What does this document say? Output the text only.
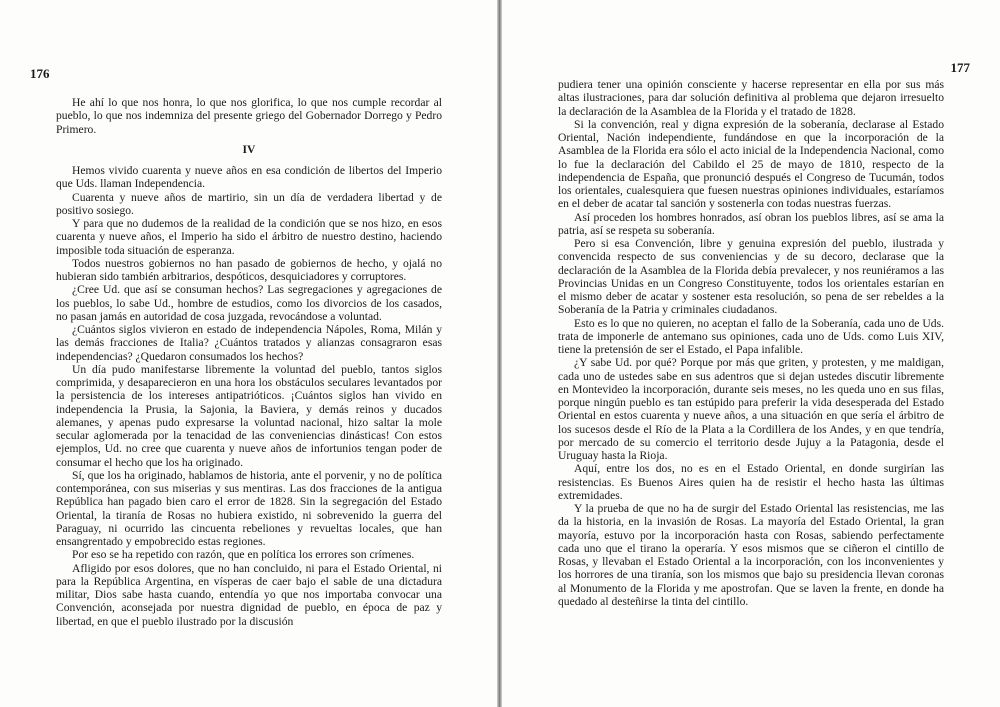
176

He ahí lo que nos honra, lo que nos glorifica, lo que nos cumple recordar al pueblo, lo que nos indemniza del presente griego del Gobernador Dorrego y Pedro Primero.

IV

Hemos vivido cuarenta y nueve años en esa condición de libertos del Imperio que Uds. llaman Independencia.

Cuarenta y nueve años de martirio, sin un día de verdadera libertad y de positivo sosiego.

Y para que no dudemos de la realidad de la condición que se nos hizo, en esos cuarenta y nueve años, el Imperio ha sido el árbitro de nuestro destino, haciendo imposible toda situación de esperanza.

Todos nuestros gobiernos no han pasado de gobiernos de hecho, y ojalá no hubieran sido también arbitrarios, despóticos, desquiciadores y corruptores.

¿Cree Ud. que así se consuman hechos? Las segregaciones y agregaciones de los pueblos, lo sabe Ud., hombre de estudios, como los divorcios de los casados, no pasan jamás en autoridad de cosa juzgada, revocándose a voluntad.

¿Cuántos siglos vivieron en estado de independencia Nápoles, Roma, Milán y las demás fracciones de Italia? ¿Cuántos tratados y alianzas consagraron esas independencias? ¿Quedaron consumados los hechos?

Un día pudo manifestarse libremente la voluntad del pueblo, tantos siglos comprimida, y desaparecieron en una hora los obstáculos seculares levantados por la persistencia de los intereses antipatrióticos. ¡Cuántos siglos han vivido en independencia la Prusia, la Sajonia, la Baviera, y demás reinos y ducados alemanes, y apenas pudo expresarse la voluntad nacional, hizo saltar la mole secular aglomerada por la tenacidad de las conveniencias dinásticas! Con estos ejemplos, Ud. no cree que cuarenta y nueve años de infortunios tengan poder de consumar el hecho que los ha originado.

Sí, que los ha originado, hablamos de historia, ante el porvenir, y no de política contemporánea, con sus miserias y sus mentiras. Las dos fracciones de la antigua República han pagado bien caro el error de 1828. Sin la segregación del Estado Oriental, la tiranía de Rosas no hubiera existido, ni sobrevenido la guerra del Paraguay, ni ocurrido las cincuenta rebeliones y revueltas locales, que han ensangrentado y empobrecido estas regiones.

Por eso se ha repetido con razón, que en política los errores son crímenes.

Afligido por esos dolores, que no han concluido, ni para el Estado Oriental, ni para la República Argentina, en vísperas de caer bajo el sable de una dictadura militar, Dios sabe hasta cuando, entendía yo que nos importaba convocar una Convención, aconsejada por nuestra dignidad de pueblo, en época de paz y libertad, en que el pueblo ilustrado por la discusión

177

pudiera tener una opinión consciente y hacerse representar en ella por sus más altas ilustraciones, para dar solución definitiva al problema que dejaron irresuelto la declaración de la Asamblea de la Florida y el tratado de 1828.

Si la convención, real y digna expresión de la soberanía, declarase al Estado Oriental, Nación independiente, fundándose en que la incorporación de la Asamblea de la Florida era sólo el acto inicial de la Independencia Nacional, como lo fue la declaración del Cabildo el 25 de mayo de 1810, respecto de la independencia de España, que pronunció después el Congreso de Tucumán, todos los orientales, cualesquiera que fuesen nuestras opiniones individuales, estaríamos en el deber de acatar tal sanción y sostenerla con todas nuestras fuerzas.

Así proceden los hombres honrados, así obran los pueblos libres, así se ama la patria, así se respeta su soberanía.

Pero si esa Convención, libre y genuina expresión del pueblo, ilustrada y convencida respecto de sus conveniencias y de su decoro, declarase que la declaración de la Asamblea de la Florida debía prevalecer, y nos reuniéramos a las Provincias Unidas en un Congreso Constituyente, todos los orientales estarían en el mismo deber de acatar y sostener esta resolución, so pena de ser rebeldes a la Soberanía de la Patria y criminales ciudadanos.

Esto es lo que no quieren, no aceptan el fallo de la Soberanía, cada uno de Uds. trata de imponerle de antemano sus opiniones, cada uno de Uds. como Luis XIV, tiene la pretensión de ser el Estado, el Papa infalible.

¿Y sabe Ud. por qué? Porque por más que griten, y protesten, y me maldigan, cada uno de ustedes sabe en sus adentros que si dejan ustedes discutir libremente en Montevideo la incorporación, durante seis meses, no les queda uno en sus filas, porque ningún pueblo es tan estúpido para preferir la vida desesperada del Estado Oriental en estos cuarenta y nueve años, a una situación en que sería el árbitro de los sucesos desde el Río de la Plata a la Cordillera de los Andes, y en que tendría, por mercado de su comercio el territorio desde Jujuy a la Patagonia, desde el Uruguay hasta la Rioja.

Aquí, entre los dos, no es en el Estado Oriental, en donde surgirían las resistencias. Es Buenos Aires quien ha de resistir el hecho hasta las últimas extremidades.

Y la prueba de que no ha de surgir del Estado Oriental las resistencias, me las da la historia, en la invasión de Rosas. La mayoría del Estado Oriental, la gran mayoría, estuvo por la incorporación hasta con Rosas, sabiendo perfectamente cada uno que el tirano la operaría. Y esos mismos que se ciñeron el cintillo de Rosas, y llevaban el Estado Oriental a la incorporación, con los inconvenientes y los horrores de una tiranía, son los mismos que bajo su presidencia llevan coronas al Monumento de la Florida y me apostrofan. Que se laven la frente, en donde ha quedado al desteñirse la tinta del cintillo.
